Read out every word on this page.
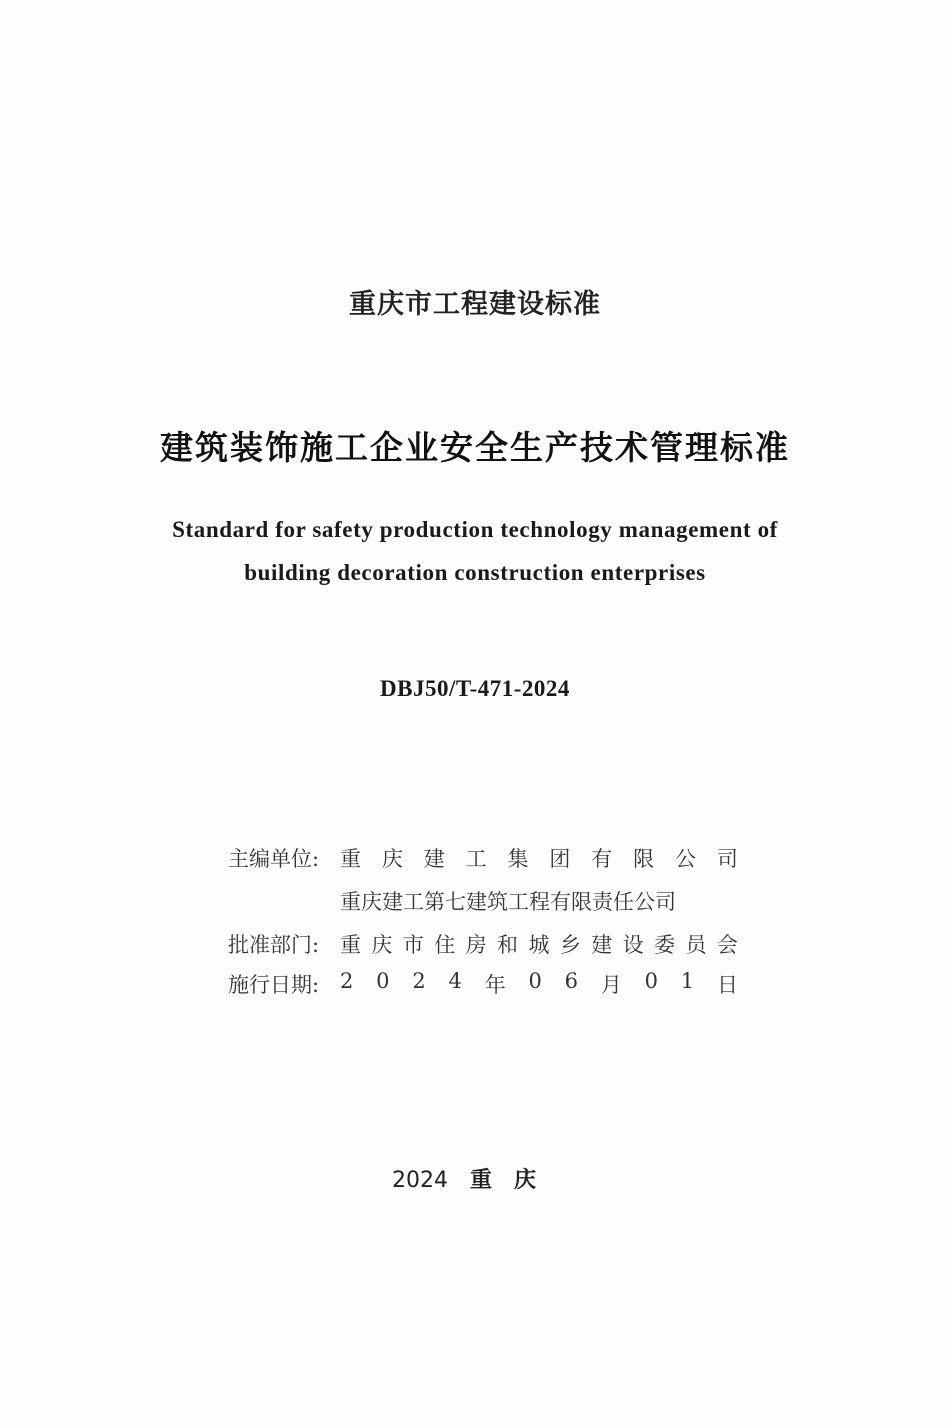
重庆市工程建设标准
建筑装饰施工企业安全生产技术管理标准
Standard for safety production technology management of
building decoration construction enterprises
DBJ50/T-471-2024
主编单位: 重 庆 建 工 集 团 有 限 公 司
重庆建工第七建筑工程有限责任公司
批准部门: 重 庆 市 住 房 和 城 乡 建 设 委 员 会
施行日期: 2 0 2 4 年 0 6 月 0 1 日
2024 重庆
